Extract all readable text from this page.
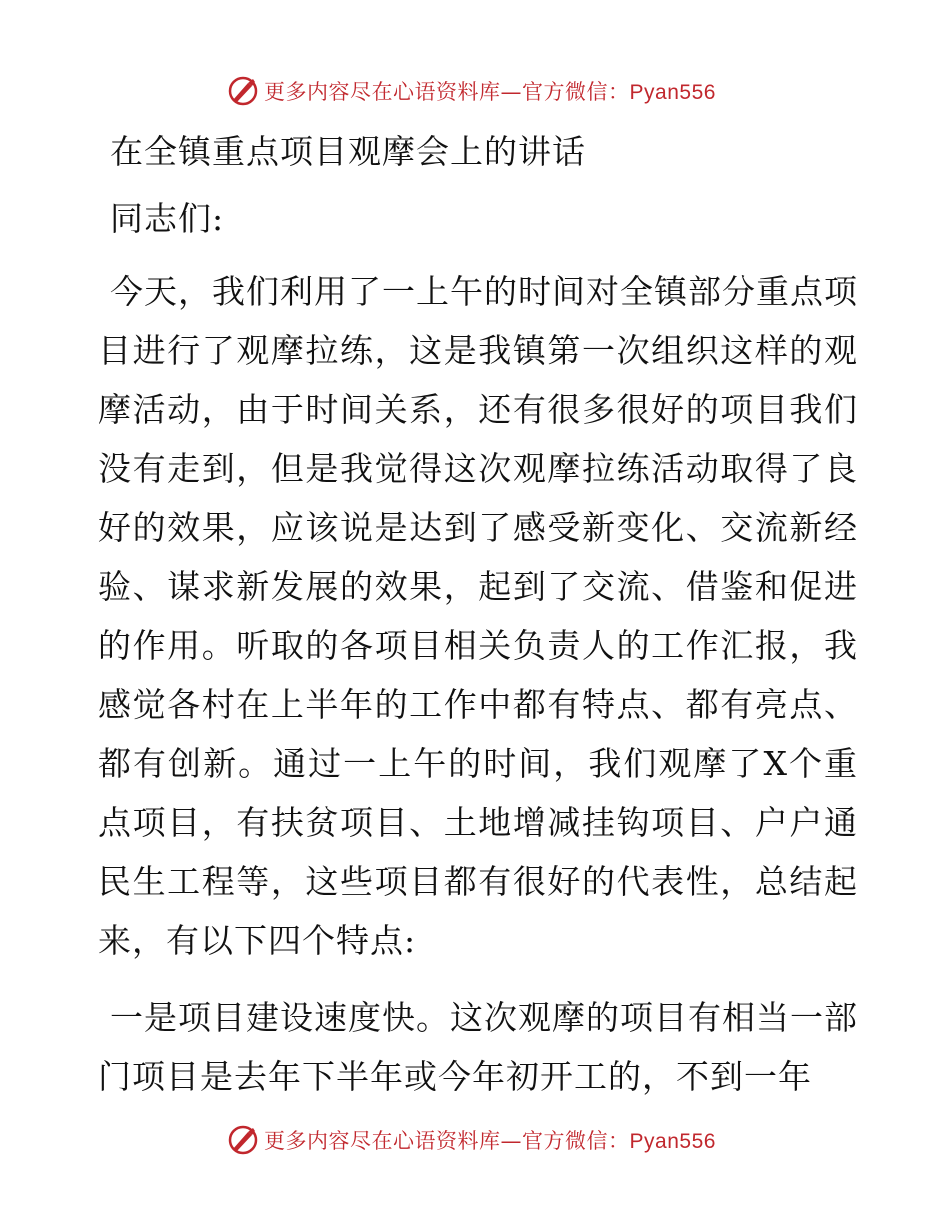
更多内容尽在心语资料库—官方微信：Pyan556

在全镇重点项目观摩会上的讲话

同志们:

今天，我们利用了一上午的时间对全镇部分重点项目进行了观摩拉练，这是我镇第一次组织这样的观摩活动，由于时间关系，还有很多很好的项目我们没有走到，但是我觉得这次观摩拉练活动取得了良好的效果，应该说是达到了感受新变化、交流新经验、谋求新发展的效果，起到了交流、借鉴和促进的作用。听取的各项目相关负责人的工作汇报，我感觉各村在上半年的工作中都有特点、都有亮点、都有创新。通过一上午的时间，我们观摩了X个重点项目，有扶贫项目、土地增减挂钩项目、户户通民生工程等，这些项目都有很好的代表性，总结起来，有以下四个特点:

一是项目建设速度快。这次观摩的项目有相当一部门项目是去年下半年或今年初开工的，不到一年

更多内容尽在心语资料库—官方微信：Pyan556
